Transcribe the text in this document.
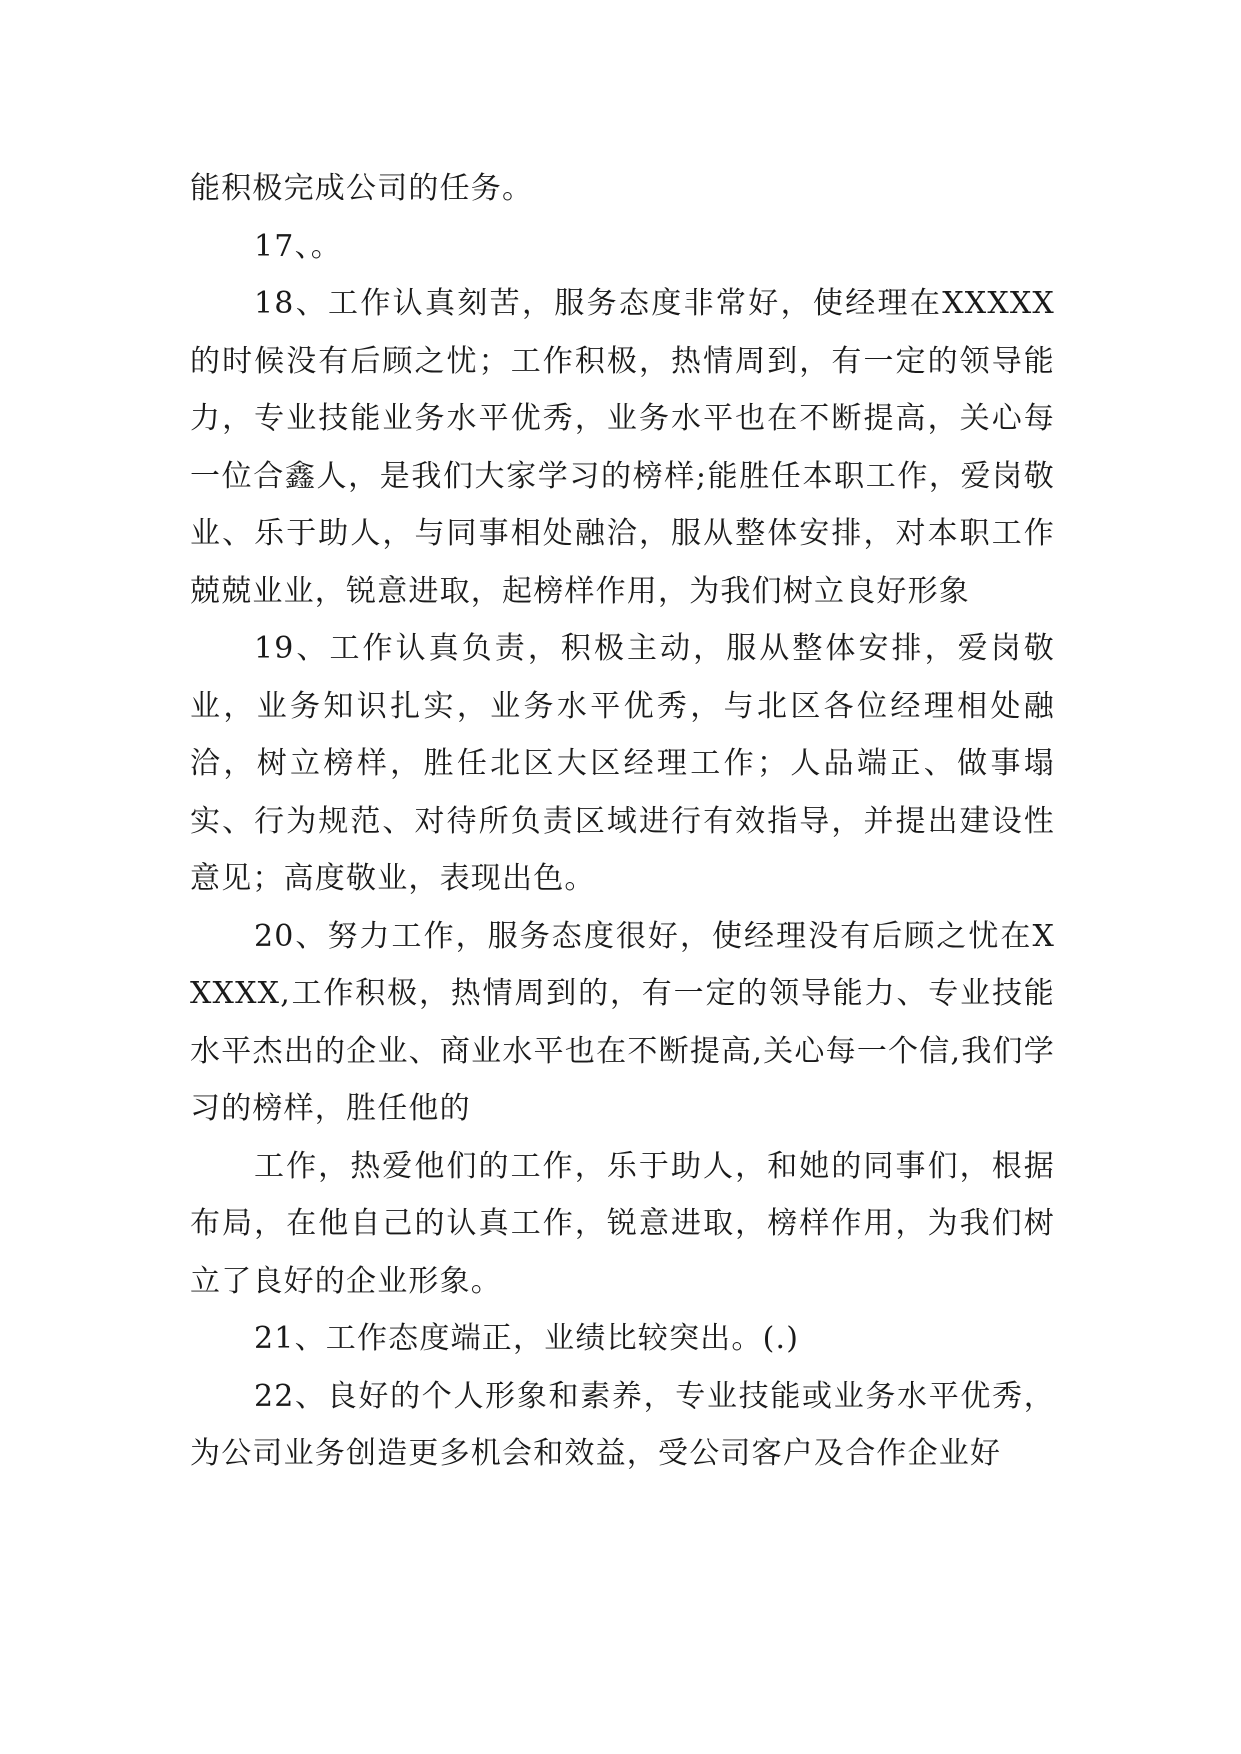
能积极完成公司的任务。

17、。

18、工作认真刻苦，服务态度非常好，使经理在XXXXX的时候没有后顾之忧；工作积极，热情周到，有一定的领导能力，专业技能业务水平优秀，业务水平也在不断提高，关心每一位合鑫人，是我们大家学习的榜样;能胜任本职工作，爱岗敬业、乐于助人，与同事相处融洽，服从整体安排，对本职工作兢兢业业，锐意进取，起榜样作用，为我们树立良好形象

19、工作认真负责，积极主动，服从整体安排，爱岗敬业，业务知识扎实，业务水平优秀，与北区各位经理相处融洽，树立榜样，胜任北区大区经理工作；人品端正、做事塌实、行为规范、对待所负责区域进行有效指导，并提出建设性意见；高度敬业，表现出色。

20、努力工作，服务态度很好，使经理没有后顾之忧在XXXXX,工作积极，热情周到的，有一定的领导能力、专业技能水平杰出的企业、商业水平也在不断提高,关心每一个信,我们学习的榜样，胜任他的

工作，热爱他们的工作，乐于助人，和她的同事们，根据布局，在他自己的认真工作，锐意进取，榜样作用，为我们树立了良好的企业形象。

21、工作态度端正，业绩比较突出。(.)

22、良好的个人形象和素养，专业技能或业务水平优秀，为公司业务创造更多机会和效益，受公司客户及合作企业好
